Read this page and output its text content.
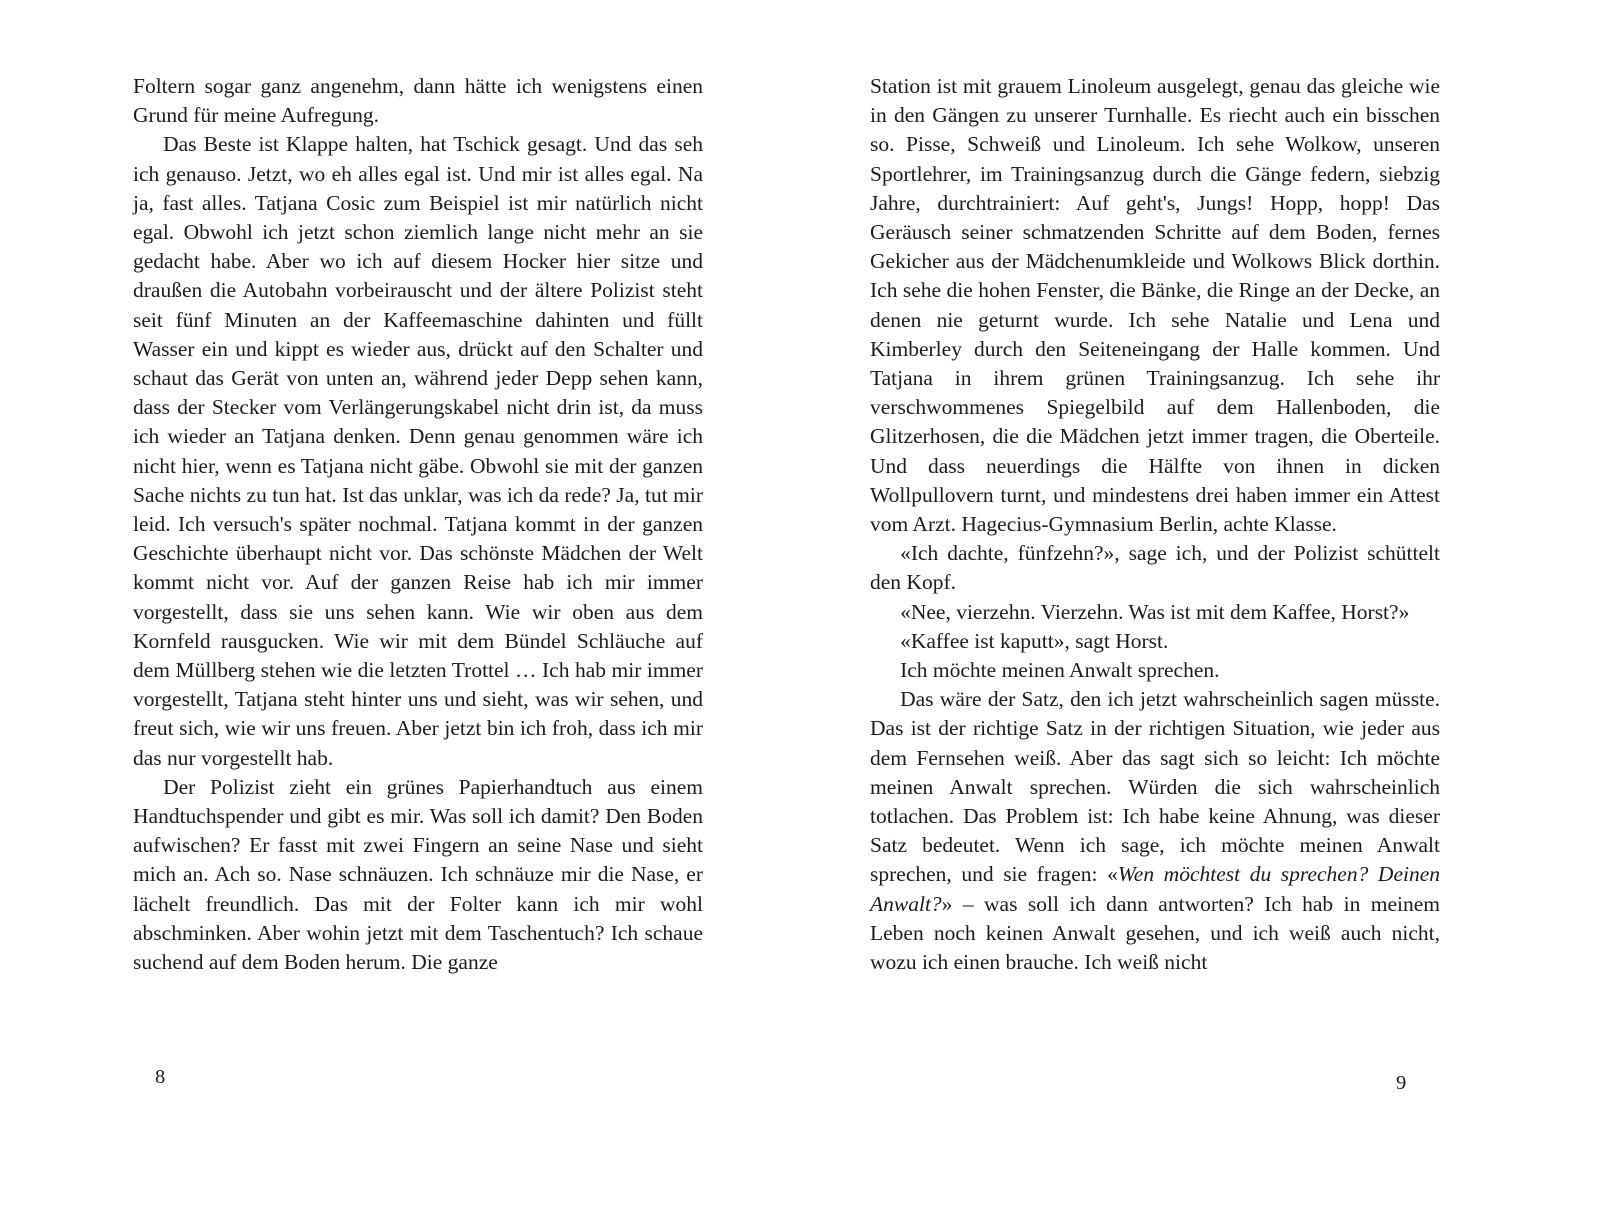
Foltern sogar ganz angenehm, dann hätte ich wenigstens einen Grund für meine Aufregung.

Das Beste ist Klappe halten, hat Tschick gesagt. Und das seh ich genauso. Jetzt, wo eh alles egal ist. Und mir ist alles egal. Na ja, fast alles. Tatjana Cosic zum Beispiel ist mir natürlich nicht egal. Obwohl ich jetzt schon ziemlich lange nicht mehr an sie gedacht habe. Aber wo ich auf diesem Hocker hier sitze und draußen die Autobahn vorbeirauscht und der ältere Polizist steht seit fünf Minuten an der Kaffeemaschine dahinten und füllt Wasser ein und kippt es wieder aus, drückt auf den Schalter und schaut das Gerät von unten an, während jeder Depp sehen kann, dass der Stecker vom Verlängerungskabel nicht drin ist, da muss ich wieder an Tatjana denken. Denn genau genommen wäre ich nicht hier, wenn es Tatjana nicht gäbe. Obwohl sie mit der ganzen Sache nichts zu tun hat. Ist das unklar, was ich da rede? Ja, tut mir leid. Ich versuch's später nochmal. Tatjana kommt in der ganzen Geschichte überhaupt nicht vor. Das schönste Mädchen der Welt kommt nicht vor. Auf der ganzen Reise hab ich mir immer vorgestellt, dass sie uns sehen kann. Wie wir oben aus dem Kornfeld rausgucken. Wie wir mit dem Bündel Schläuche auf dem Müllberg stehen wie die letzten Trottel … Ich hab mir immer vorgestellt, Tatjana steht hinter uns und sieht, was wir sehen, und freut sich, wie wir uns freuen. Aber jetzt bin ich froh, dass ich mir das nur vorgestellt hab.

Der Polizist zieht ein grünes Papierhandtuch aus einem Handtuchspender und gibt es mir. Was soll ich damit? Den Boden aufwischen? Er fasst mit zwei Fingern an seine Nase und sieht mich an. Ach so. Nase schnäuzen. Ich schnäuze mir die Nase, er lächelt freundlich. Das mit der Folter kann ich mir wohl abschminken. Aber wohin jetzt mit dem Taschentuch? Ich schaue suchend auf dem Boden herum. Die ganze

8

Station ist mit grauem Linoleum ausgelegt, genau das gleiche wie in den Gängen zu unserer Turnhalle. Es riecht auch ein bisschen so. Pisse, Schweiß und Linoleum. Ich sehe Wolkow, unseren Sportlehrer, im Trainingsanzug durch die Gänge federn, siebzig Jahre, durchtrainiert: Auf geht's, Jungs! Hopp, hopp! Das Geräusch seiner schmatzenden Schritte auf dem Boden, fernes Gekicher aus der Mädchenumkleide und Wolkows Blick dorthin. Ich sehe die hohen Fenster, die Bänke, die Ringe an der Decke, an denen nie geturnt wurde. Ich sehe Natalie und Lena und Kimberley durch den Seiteneingang der Halle kommen. Und Tatjana in ihrem grünen Trainingsanzug. Ich sehe ihr verschwommenes Spiegelbild auf dem Hallenboden, die Glitzerhosen, die die Mädchen jetzt immer tragen, die Oberteile. Und dass neuerdings die Hälfte von ihnen in dicken Wollpullovern turnt, und mindestens drei haben immer ein Attest vom Arzt. Hagecius-Gymnasium Berlin, achte Klasse.

«Ich dachte, fünfzehn?», sage ich, und der Polizist schüttelt den Kopf.

«Nee, vierzehn. Vierzehn. Was ist mit dem Kaffee, Horst?»

«Kaffee ist kaputt», sagt Horst.

Ich möchte meinen Anwalt sprechen.

Das wäre der Satz, den ich jetzt wahrscheinlich sagen müsste. Das ist der richtige Satz in der richtigen Situation, wie jeder aus dem Fernsehen weiß. Aber das sagt sich so leicht: Ich möchte meinen Anwalt sprechen. Würden die sich wahrscheinlich totlachen. Das Problem ist: Ich habe keine Ahnung, was dieser Satz bedeutet. Wenn ich sage, ich möchte meinen Anwalt sprechen, und sie fragen: «Wen möchtest du sprechen? Deinen Anwalt?» – was soll ich dann antworten? Ich hab in meinem Leben noch keinen Anwalt gesehen, und ich weiß auch nicht, wozu ich einen brauche. Ich weiß nicht

9
